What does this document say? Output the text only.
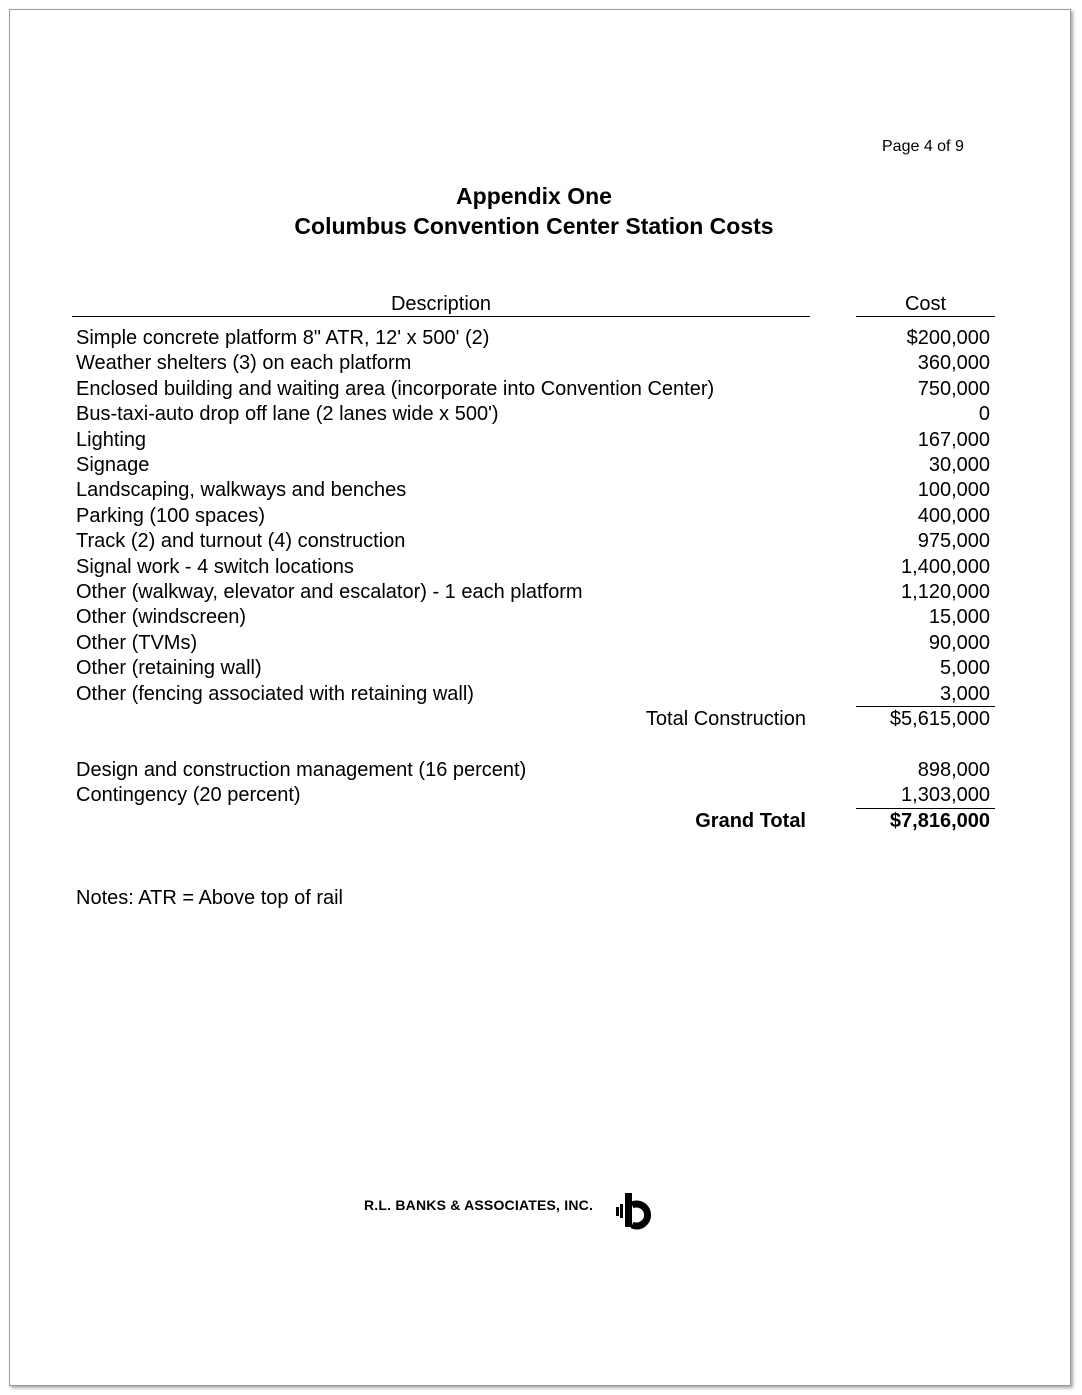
Page 4 of 9
Appendix One
Columbus Convention Center Station Costs
Description	Cost
Simple concrete platform 8" ATR, 12' x 500' (2)	$200,000
Weather shelters (3) on each platform	360,000
Enclosed building and waiting area (incorporate into Convention Center)	750,000
Bus-taxi-auto drop off lane (2 lanes wide x 500')	0
Lighting	167,000
Signage	30,000
Landscaping, walkways and benches	100,000
Parking (100 spaces)	400,000
Track (2) and turnout (4) construction	975,000
Signal work - 4 switch locations	1,400,000
Other (walkway, elevator and escalator) - 1 each platform	1,120,000
Other (windscreen)	15,000
Other (TVMs)	90,000
Other (retaining wall)	5,000
Other (fencing associated with retaining wall)	3,000
Total Construction	$5,615,000
Design and construction management (16 percent)	898,000
Contingency (20 percent)	1,303,000
Grand Total	$7,816,000
Notes: ATR = Above top of rail
R.L. BANKS & ASSOCIATES, INC.
